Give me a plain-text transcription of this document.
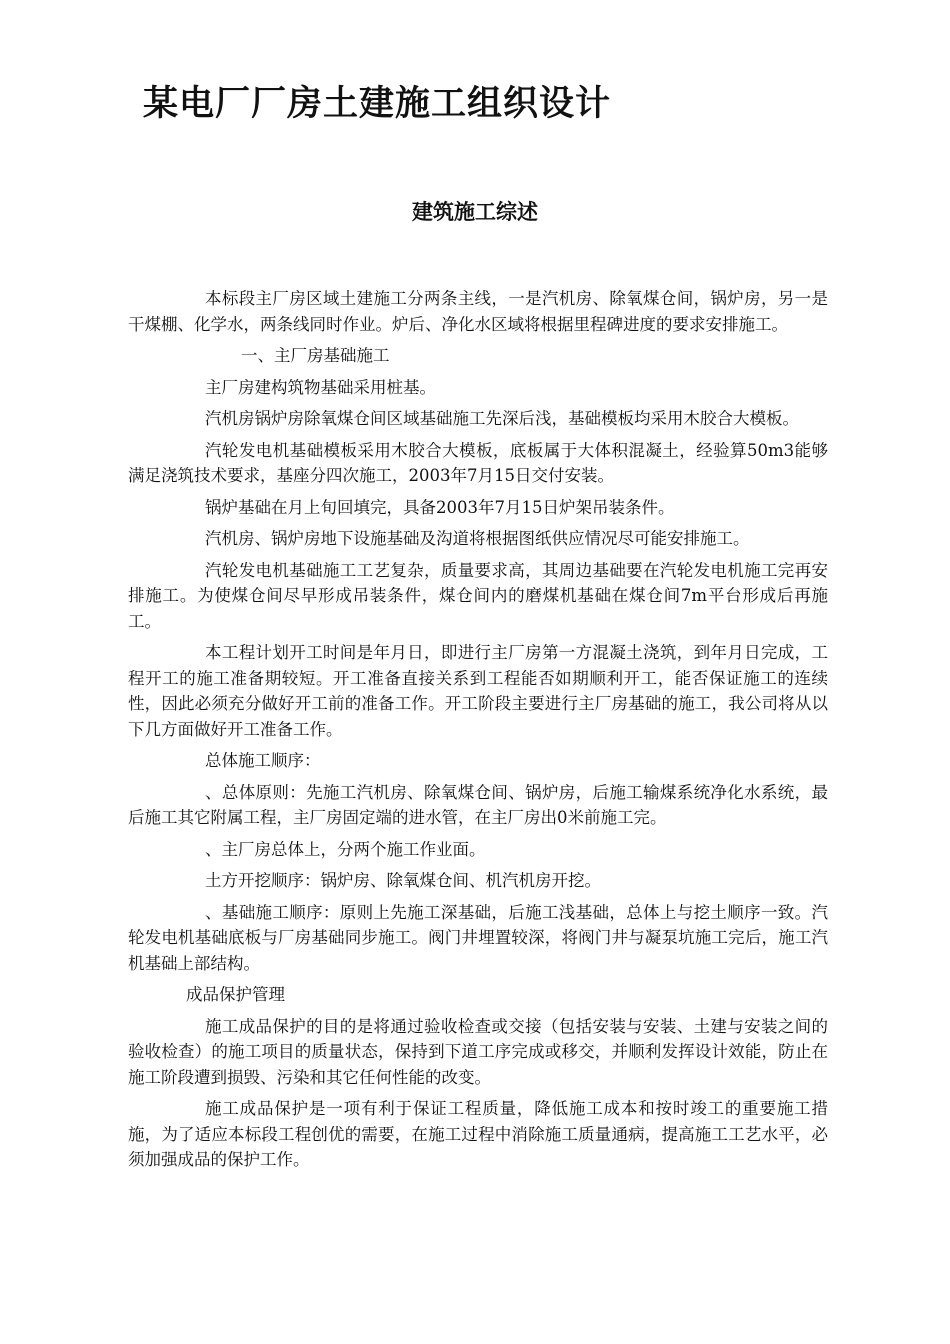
某电厂厂房土建施工组织设计
建筑施工综述

本标段主厂房区域土建施工分两条主线，一是汽机房、除氧煤仓间，锅炉房，另一是干煤棚、化学水，两条线同时作业。炉后、净化水区域将根据里程碑进度的要求安排施工。

一、主厂房基础施工

主厂房建构筑物基础采用桩基。

汽机房锅炉房除氧煤仓间区域基础施工先深后浅，基础模板均采用木胶合大模板。

汽轮发电机基础模板采用木胶合大模板，底板属于大体积混凝土，经验算50m3能够满足浇筑技术要求，基座分四次施工，2003年7月15日交付安装。

锅炉基础在月上旬回填完，具备2003年7月15日炉架吊装条件。

汽机房、锅炉房地下设施基础及沟道将根据图纸供应情况尽可能安排施工。

汽轮发电机基础施工工艺复杂，质量要求高，其周边基础要在汽轮发电机施工完再安排施工。为使煤仓间尽早形成吊装条件，煤仓间内的磨煤机基础在煤仓间7m平台形成后再施工。

本工程计划开工时间是年月日，即进行主厂房第一方混凝土浇筑，到年月日完成，工程开工的施工准备期较短。开工准备直接关系到工程能否如期顺利开工，能否保证施工的连续性，因此必须充分做好开工前的准备工作。开工阶段主要进行主厂房基础的施工，我公司将从以下几方面做好开工准备工作。

总体施工顺序：

、总体原则：先施工汽机房、除氧煤仓间、锅炉房，后施工输煤系统净化水系统，最后施工其它附属工程，主厂房固定端的进水管，在主厂房出0米前施工完。

、主厂房总体上，分两个施工作业面。

土方开挖顺序：锅炉房、除氧煤仓间、机汽机房开挖。

、基础施工顺序：原则上先施工深基础，后施工浅基础，总体上与挖土顺序一致。汽轮发电机基础底板与厂房基础同步施工。阀门井埋置较深，将阀门井与凝泵坑施工完后，施工汽机基础上部结构。

成品保护管理

施工成品保护的目的是将通过验收检查或交接（包括安装与安装、土建与安装之间的验收检查）的施工项目的质量状态，保持到下道工序完成或移交，并顺利发挥设计效能，防止在施工阶段遭到损毁、污染和其它任何性能的改变。

施工成品保护是一项有利于保证工程质量，降低施工成本和按时竣工的重要施工措施，为了适应本标段工程创优的需要，在施工过程中消除施工质量通病，提高施工工艺水平，必须加强成品的保护工作。
